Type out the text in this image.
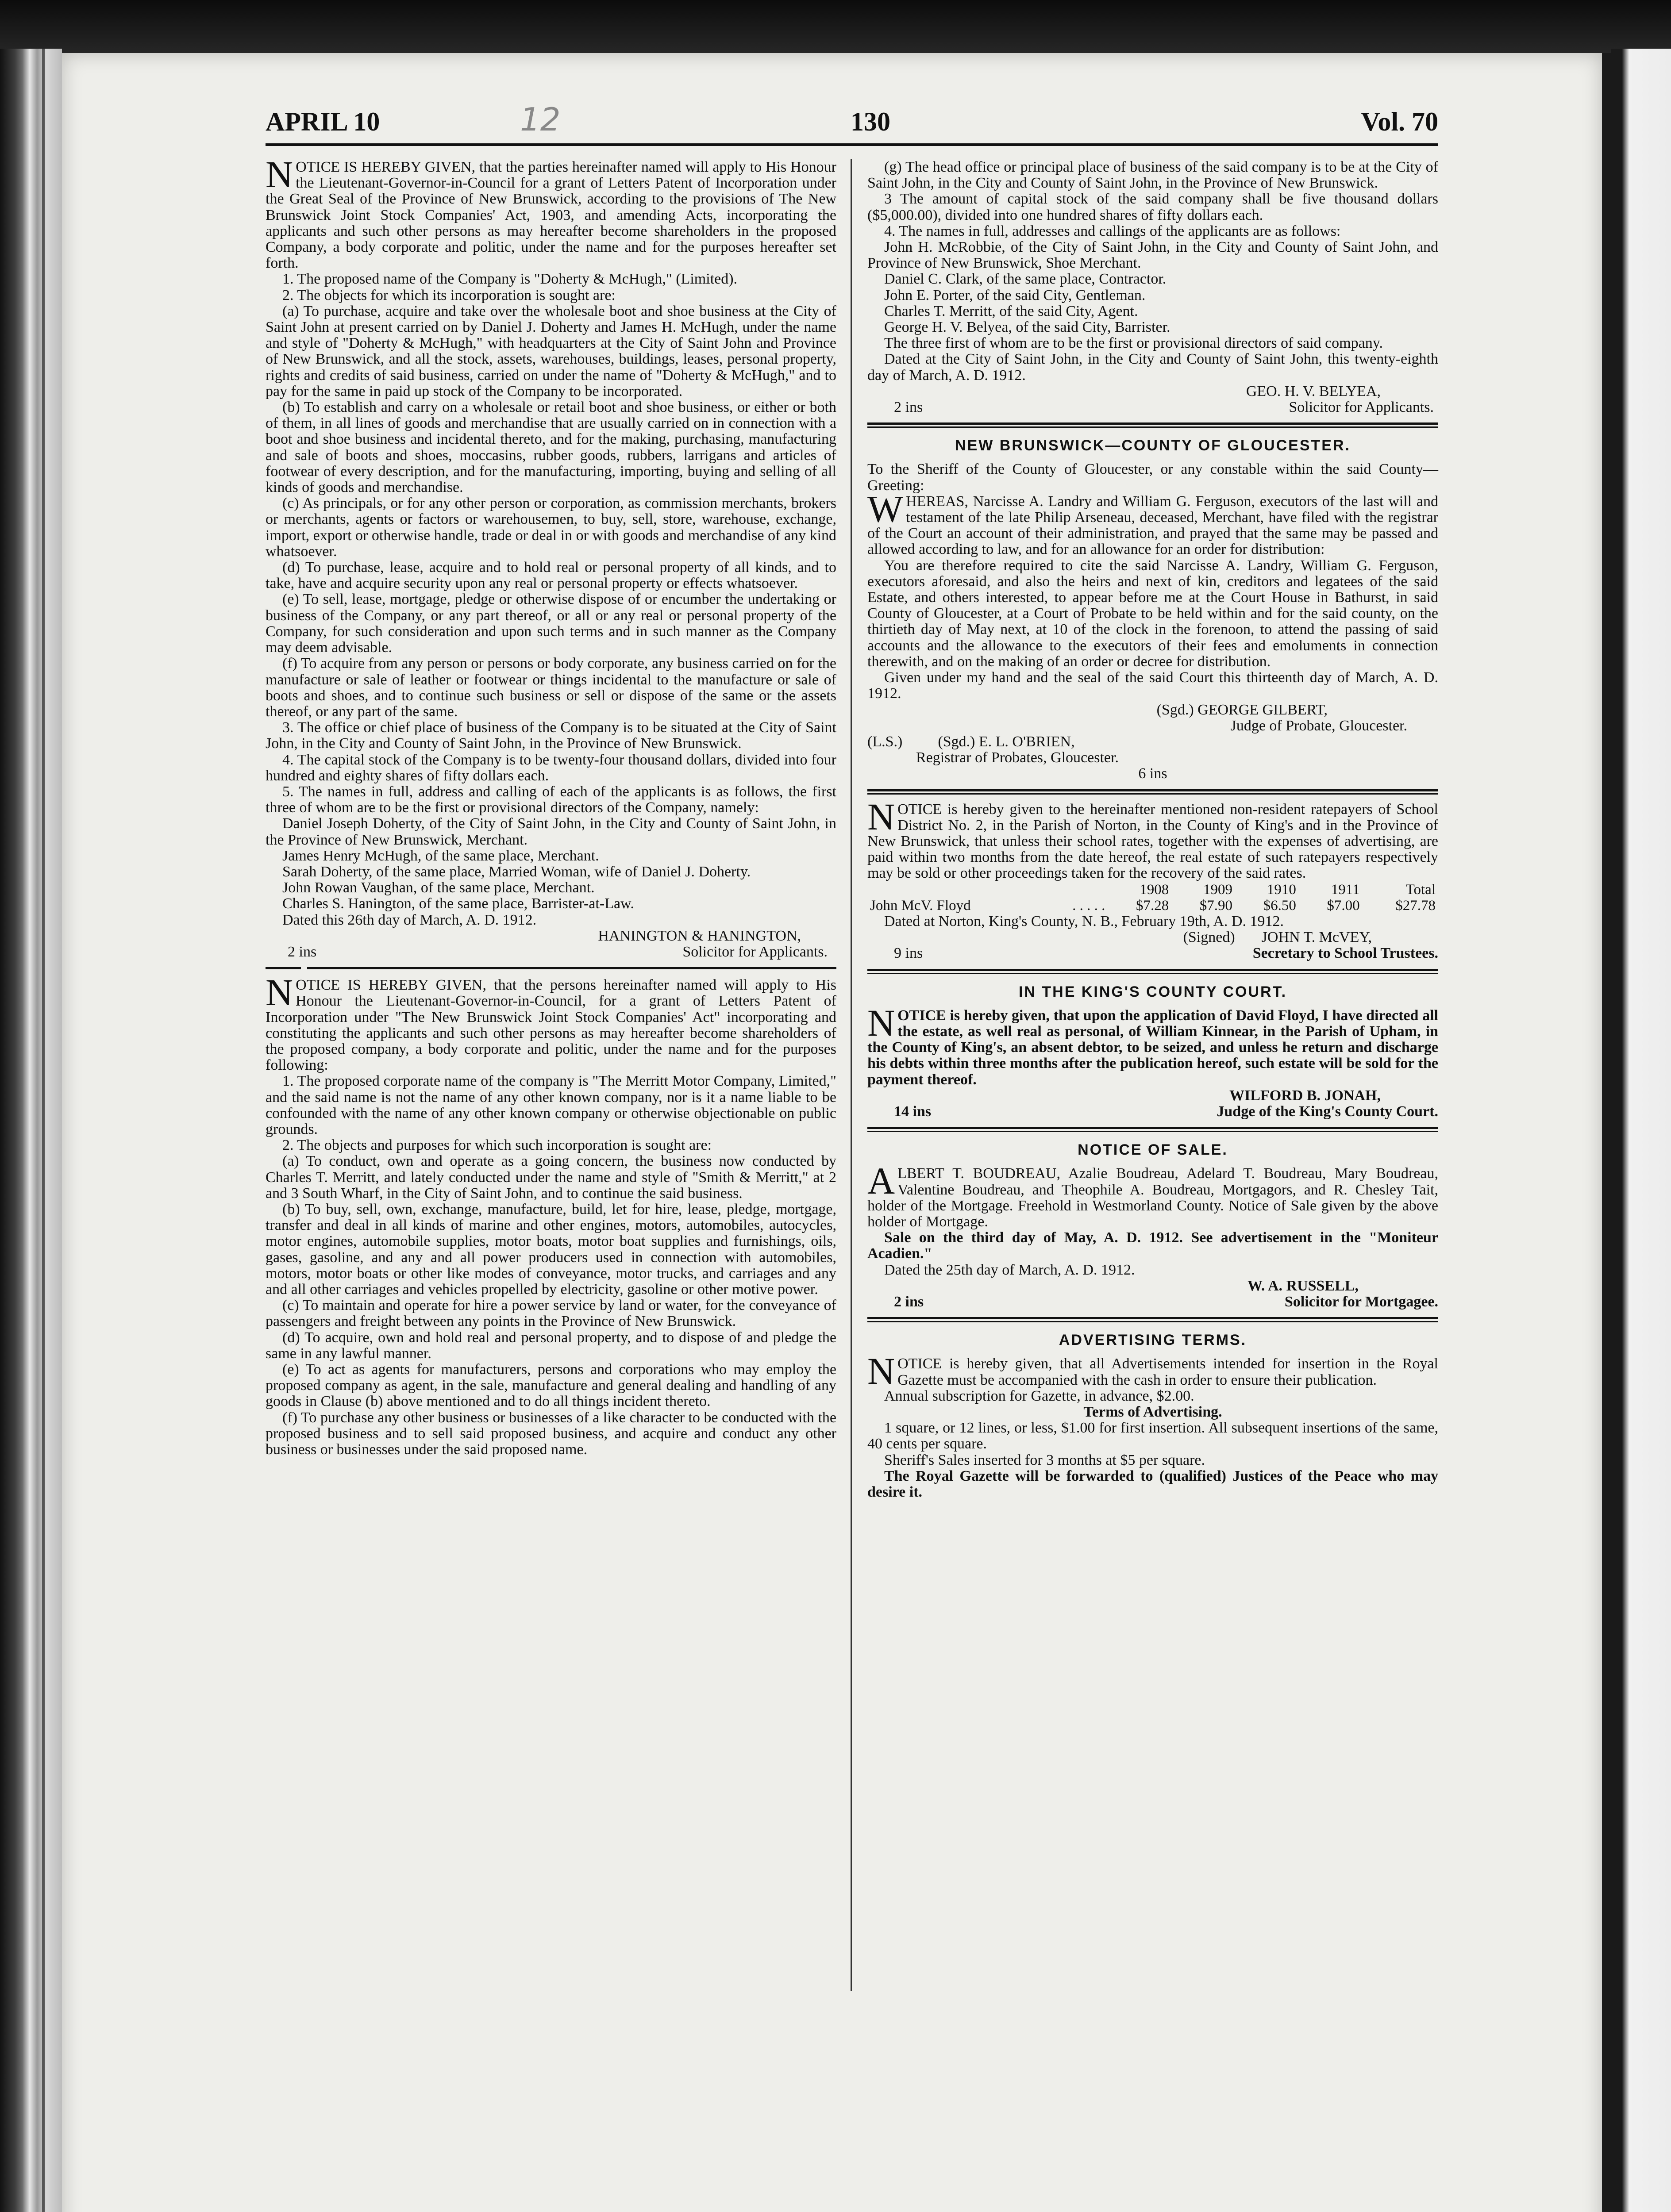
APRIL 10	130	Vol. 70
12

NOTICE IS HEREBY GIVEN, that the parties hereinafter named will apply to His Honour the Lieutenant-Governor-in-Council for a grant of Letters Patent of Incorporation under the Great Seal of the Province of New Brunswick, according to the provisions of The New Brunswick Joint Stock Companies' Act, 1903, and amending Acts, incorporating the applicants and such other persons as may hereafter become shareholders in the proposed Company, a body corporate and politic, under the name and for the purposes hereafter set forth.

1. The proposed name of the Company is "Doherty & McHugh," (Limited).

2. The objects for which its incorporation is sought are:

(a) To purchase, acquire and take over the wholesale boot and shoe business at the City of Saint John at present carried on by Daniel J. Doherty and James H. McHugh, under the name and style of "Doherty & McHugh," with headquarters at the City of Saint John and Province of New Brunswick, and all the stock, assets, warehouses, buildings, leases, personal property, rights and credits of said business, carried on under the name of "Doherty & McHugh," and to pay for the same in paid up stock of the Company to be incorporated.

(b) To establish and carry on a wholesale or retail boot and shoe business, or either or both of them, in all lines of goods and merchandise that are usually carried on in connection with a boot and shoe business and incidental thereto, and for the making, purchasing, manufacturing and sale of boots and shoes, moccasins, rubber goods, rubbers, larrigans and articles of footwear of every description, and for the manufacturing, importing, buying and selling of all kinds of goods and merchandise.

(c) As principals, or for any other person or corporation, as commission merchants, brokers or merchants, agents or factors or warehousemen, to buy, sell, store, warehouse, exchange, import, export or otherwise handle, trade or deal in or with goods and merchandise of any kind whatsoever.

(d) To purchase, lease, acquire and to hold real or personal property of all kinds, and to take, have and acquire security upon any real or personal property or effects whatsoever.

(e) To sell, lease, mortgage, pledge or otherwise dispose of or encumber the undertaking or business of the Company, or any part thereof, or all or any real or personal property of the Company, for such consideration and upon such terms and in such manner as the Company may deem advisable.

(f) To acquire from any person or persons or body corporate, any business carried on for the manufacture or sale of leather or footwear or things incidental to the manufacture or sale of boots and shoes, and to continue such business or sell or dispose of the same or the assets thereof, or any part of the same.

3. The office or chief place of business of the Company is to be situated at the City of Saint John, in the City and County of Saint John, in the Province of New Brunswick.

4. The capital stock of the Company is to be twenty-four thousand dollars, divided into four hundred and eighty shares of fifty dollars each.

5. The names in full, address and calling of each of the applicants is as follows, the first three of whom are to be the first or provisional directors of the Company, namely:

Daniel Joseph Doherty, of the City of Saint John, in the City and County of Saint John, in the Province of New Brunswick, Merchant.

James Henry McHugh, of the same place, Merchant.

Sarah Doherty, of the same place, Married Woman, wife of Daniel J. Doherty.

John Rowan Vaughan, of the same place, Merchant.

Charles S. Hanington, of the same place, Barrister-at-Law.

Dated this 26th day of March, A. D. 1912.

HANINGTON & HANINGTON,
2 ins	Solicitor for Applicants.

NOTICE IS HEREBY GIVEN, that the persons hereinafter named will apply to His Honour the Lieutenant-Governor-in-Council, for a grant of Letters Patent of Incorporation under "The New Brunswick Joint Stock Companies' Act" incorporating and constituting the applicants and such other persons as may hereafter become shareholders of the proposed company, a body corporate and politic, under the name and for the purposes following:

1. The proposed corporate name of the company is "The Merritt Motor Company, Limited," and the said name is not the name of any other known company, nor is it a name liable to be confounded with the name of any other known company or otherwise objectionable on public grounds.

2. The objects and purposes for which such incorporation is sought are:

(a) To conduct, own and operate as a going concern, the business now conducted by Charles T. Merritt, and lately conducted under the name and style of "Smith & Merritt," at 2 and 3 South Wharf, in the City of Saint John, and to continue the said business.

(b) To buy, sell, own, exchange, manufacture, build, let for hire, lease, pledge, mortgage, transfer and deal in all kinds of marine and other engines, motors, automobiles, autocycles, motor engines, automobile supplies, motor boats, motor boat supplies and furnishings, oils, gases, gasoline, and any and all power producers used in connection with automobiles, motors, motor boats or other like modes of conveyance, motor trucks, and carriages and any and all other carriages and vehicles propelled by electricity, gasoline or other motive power.

(c) To maintain and operate for hire a power service by land or water, for the conveyance of passengers and freight between any points in the Province of New Brunswick.

(d) To acquire, own and hold real and personal property, and to dispose of and pledge the same in any lawful manner.

(e) To act as agents for manufacturers, persons and corporations who may employ the proposed company as agent, in the sale, manufacture and general dealing and handling of any goods in Clause (b) above mentioned and to do all things incident thereto.

(f) To purchase any other business or businesses of a like character to be conducted with the proposed business and to sell said proposed business, and acquire and conduct any other business or businesses under the said proposed name.

(g) The head office or principal place of business of the said company is to be at the City of Saint John, in the City and County of Saint John, in the Province of New Brunswick.

3 The amount of capital stock of the said company shall be five thousand dollars ($5,000.00), divided into one hundred shares of fifty dollars each.

4. The names in full, addresses and callings of the applicants are as follows:

John H. McRobbie, of the City of Saint John, in the City and County of Saint John, and Province of New Brunswick, Shoe Merchant.

Daniel C. Clark, of the same place, Contractor.

John E. Porter, of the said City, Gentleman.

Charles T. Merritt, of the said City, Agent.

George H. V. Belyea, of the said City, Barrister.

The three first of whom are to be the first or provisional directors of said company.

Dated at the City of Saint John, in the City and County of Saint John, this twenty-eighth day of March, A. D. 1912.

GEO. H. V. BELYEA,
2 ins	Solicitor for Applicants.
NEW BRUNSWICK—COUNTY OF GLOUCESTER.

To the Sheriff of the County of Gloucester, or any constable within the said County—Greeting:

WHEREAS, Narcisse A. Landry and William G. Ferguson, executors of the last will and testament of the late Philip Arseneau, deceased, Merchant, have filed with the registrar of the Court an account of their administration, and prayed that the same may be passed and allowed according to law, and for an allowance for an order for distribution:

You are therefore required to cite the said Narcisse A. Landry, William G. Ferguson, executors aforesaid, and also the heirs and next of kin, creditors and legatees of the said Estate, and others interested, to appear before me at the Court House in Bathurst, in said County of Gloucester, at a Court of Probate to be held within and for the said county, on the thirtieth day of May next, at 10 of the clock in the forenoon, to attend the passing of said accounts and the allowance to the executors of their fees and emoluments in connection therewith, and on the making of an order or decree for distribution.

Given under my hand and the seal of the said Court this thirteenth day of March, A. D. 1912.

(Sgd.) GEORGE GILBERT,
Judge of Probate, Gloucester.
(L.S.)	(Sgd.) E. L. O'BRIEN,
Registrar of Probates, Gloucester.
6 ins

NOTICE is hereby given to the hereinafter mentioned non-resident ratepayers of School District No. 2, in the Parish of Norton, in the County of King's and in the Province of New Brunswick, that unless their school rates, together with the expenses of advertising, are paid within two months from the date hereof, the real estate of such ratepayers respectively may be sold or other proceedings taken for the recovery of the said rates.

		1908	1909	1910	1911	Total
John McV. Floyd	. . . . .	$7.28	$7.90	$6.50	$7.00	$27.78

Dated at Norton, King's County, N. B., February 19th, A. D. 1912.

(Signed) JOHN T. McVEY,
9 ins	Secretary to School Trustees.
IN THE KING'S COUNTY COURT.

NOTICE is hereby given, that upon the application of David Floyd, I have directed all the estate, as well real as personal, of William Kinnear, in the Parish of Upham, in the County of King's, an absent debtor, to be seized, and unless he return and discharge his debts within three months after the publication hereof, such estate will be sold for the payment thereof.

WILFORD B. JONAH,
14 ins	Judge of the King's County Court.
NOTICE OF SALE.

ALBERT T. BOUDREAU, Azalie Boudreau, Adelard T. Boudreau, Mary Boudreau, Valentine Boudreau, and Theophile A. Boudreau, Mortgagors, and R. Chesley Tait, holder of the Mortgage. Freehold in Westmorland County. Notice of Sale given by the above holder of Mortgage.

Sale on the third day of May, A. D. 1912. See advertisement in the "Moniteur Acadien."

Dated the 25th day of March, A. D. 1912.

W. A. RUSSELL,
2 ins	Solicitor for Mortgagee.
ADVERTISING TERMS.

NOTICE is hereby given, that all Advertisements intended for insertion in the Royal Gazette must be accompanied with the cash in order to ensure their publication.

Annual subscription for Gazette, in advance, $2.00.

Terms of Advertising.

1 square, or 12 lines, or less, $1.00 for first insertion. All subsequent insertions of the same, 40 cents per square.

Sheriff's Sales inserted for 3 months at $5 per square.

The Royal Gazette will be forwarded to (qualified) Justices of the Peace who may desire it.
